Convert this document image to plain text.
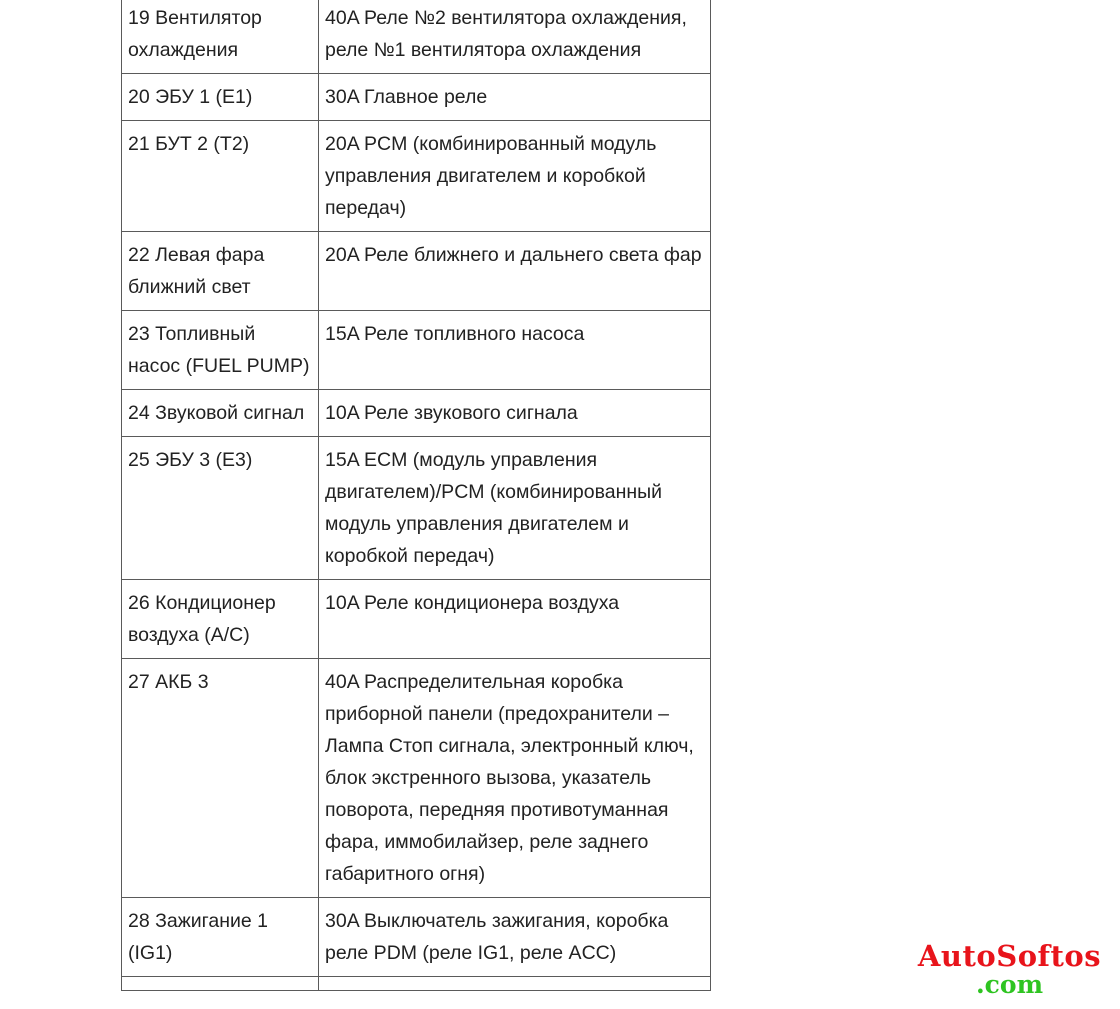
19 Вентилятор охлаждения	40A Реле №2 вентилятора охлаждения, реле №1 вентилятора охлаждения
20 ЭБУ 1 (E1)	30A Главное реле
21 БУТ 2 (T2)	20A PCM (комбинированный модуль управления двигателем и коробкой передач)
22 Левая фара ближний свет	20A Реле ближнего и дальнего света фар
23 Топливный насос (FUEL PUMP)	15A Реле топливного насоса
24 Звуковой сигнал	10A Реле звукового сигнала
25 ЭБУ 3 (E3)	15A ECM (модуль управления двигателем)/PCM (комбинированный модуль управления двигателем и коробкой передач)
26 Кондиционер воздуха (A/C)	10A Реле кондиционера воздуха
27 АКБ 3	40A Распределительная коробка приборной панели (предохранители – Лампа Стоп сигнала, электронный ключ, блок экстренного вызова, указатель поворота, передняя противотуманная фара, иммобилайзер, реле заднего габаритного огня)
28 Зажигание 1 (IG1)	30A Выключатель зажигания, коробка реле PDM (реле IG1, реле ACC)
		AutoSoftos
.com
